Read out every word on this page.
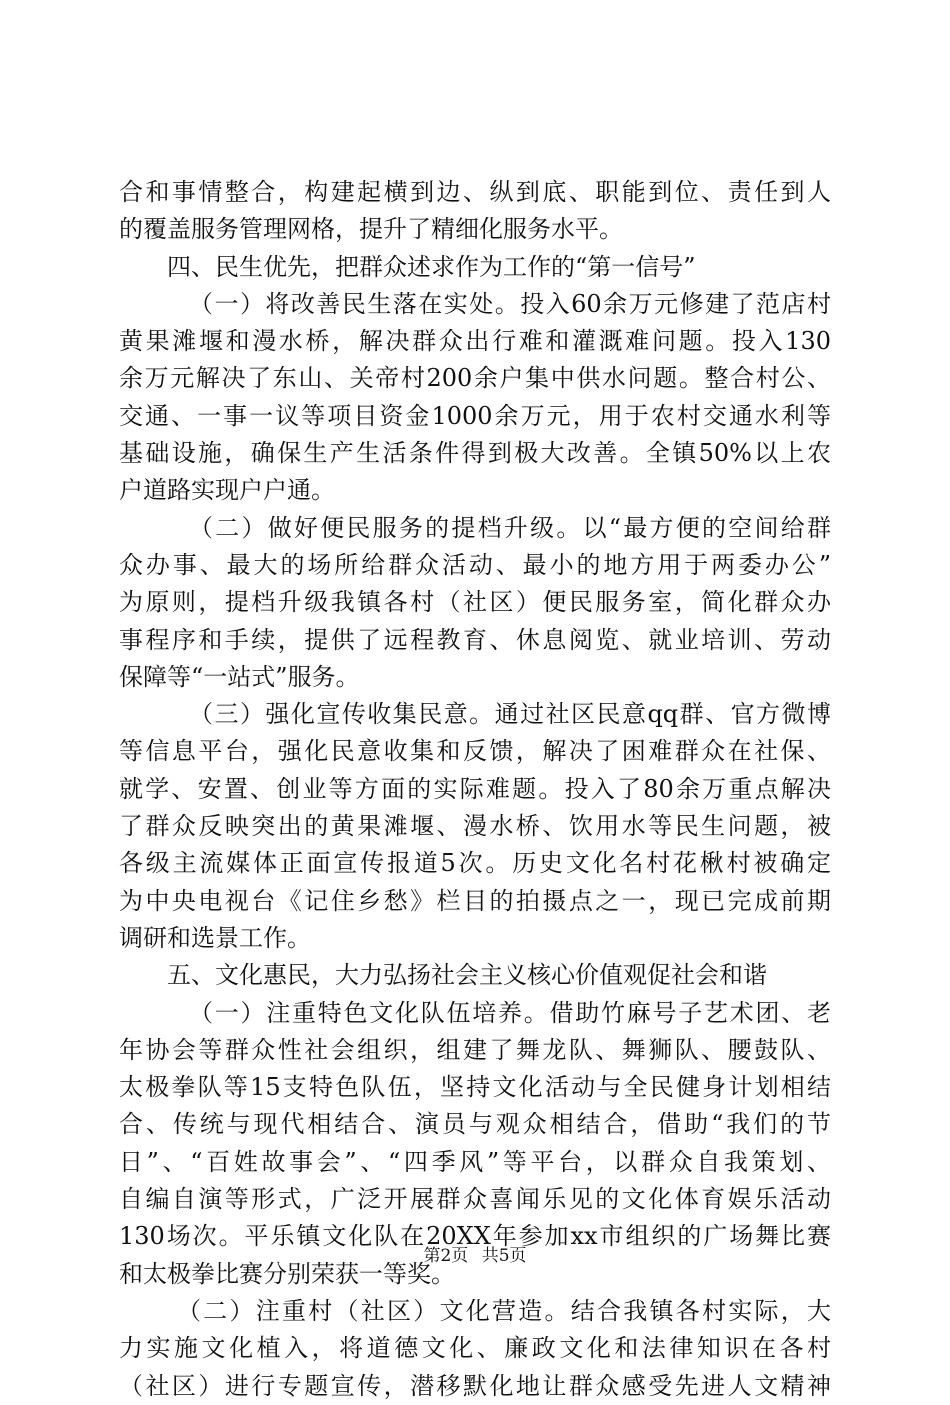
合和事情整合，构建起横到边、纵到底、职能到位、责任到人
的覆盖服务管理网格，提升了精细化服务水平。
四、民生优先，把群众述求作为工作的“第一信号”
（一）将改善民生落在实处。投入60余万元修建了范店村
黄果滩堰和漫水桥，解决群众出行难和灌溉难问题。投入130
余万元解决了东山、关帝村200余户集中供水问题。整合村公、
交通、一事一议等项目资金1000余万元，用于农村交通水利等
基础设施，确保生产生活条件得到极大改善。全镇50%以上农
户道路实现户户通。
（二）做好便民服务的提档升级。以“最方便的空间给群
众办事、最大的场所给群众活动、最小的地方用于两委办公”
为原则，提档升级我镇各村（社区）便民服务室，简化群众办
事程序和手续，提供了远程教育、休息阅览、就业培训、劳动
保障等“一站式”服务。
（三）强化宣传收集民意。通过社区民意qq群、官方微博
等信息平台，强化民意收集和反馈，解决了困难群众在社保、
就学、安置、创业等方面的实际难题。投入了80余万重点解决
了群众反映突出的黄果滩堰、漫水桥、饮用水等民生问题，被
各级主流媒体正面宣传报道5次。历史文化名村花楸村被确定
为中央电视台《记住乡愁》栏目的拍摄点之一，现已完成前期
调研和选景工作。
五、文化惠民，大力弘扬社会主义核心价值观促社会和谐
（一）注重特色文化队伍培养。借助竹麻号子艺术团、老
年协会等群众性社会组织，组建了舞龙队、舞狮队、腰鼓队、
太极拳队等15支特色队伍，坚持文化活动与全民健身计划相结
合、传统与现代相结合、演员与观众相结合，借助“我们的节
日”、“百姓故事会”、“四季风”等平台，以群众自我策划、
自编自演等形式，广泛开展群众喜闻乐见的文化体育娱乐活动
130场次。平乐镇文化队在20XX年参加xx市组织的广场舞比赛
和太极拳比赛分别荣获一等奖。
（二）注重村（社区）文化营造。结合我镇各村实际，大
力实施文化植入，将道德文化、廉政文化和法律知识在各村
（社区）进行专题宣传，潜移默化地让群众感受先进人文精神
第2页 共5页
